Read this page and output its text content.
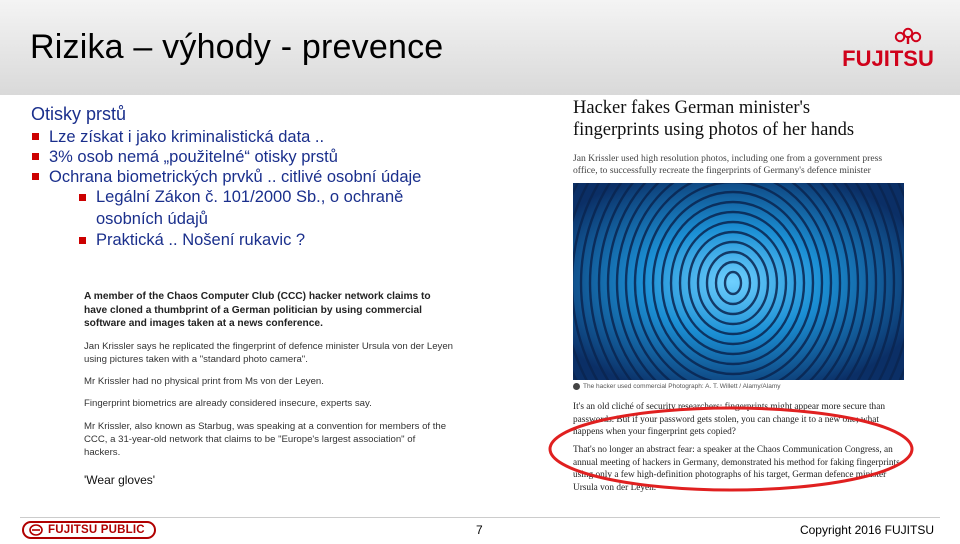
Rizika – výhody - prevence	FUJITSU
Otisky prstů
Lze získat i jako kriminalistická data ..
3% osob nemá „použitelné“ otisky prstů
Ochrana biometrických prvků .. citlivé osobní údaje
Legální Zákon č. 101/2000 Sb., o ochraně
osobních údajů
Praktická .. Nošení rukavic ?
A member of the Chaos Computer Club (CCC) hacker network claims to have cloned a thumbprint of a German politician by using commercial software and images taken at a news conference.
Jan Krissler says he replicated the fingerprint of defence minister Ursula von der Leyen using pictures taken with a "standard photo camera".
Mr Krissler had no physical print from Ms von der Leyen.
Fingerprint biometrics are already considered insecure, experts say.
Mr Krissler, also known as Starbug, was speaking at a convention for members of the CCC, a 31-year-old network that claims to be "Europe's largest association" of hackers.
'Wear gloves'
Hacker fakes German minister's
fingerprints using photos of her hands
Jan Krissler used high resolution photos, including one from a government press office, to successfully recreate the fingerprints of Germany's defence minister
The hacker used commercial Photograph: A. T. Willett / Alamy/Alamy

It's an old cliché of security researchers: fingerprints might appear more secure than passwords. But if your password gets stolen, you can change it to a new one; what happens when your fingerprint gets copied?

That's no longer an abstract fear: a speaker at the Chaos Communication Congress, an annual meeting of hackers in Germany, demonstrated his method for faking fingerprints using only a few high-definition photographs of his target, German defence minister Ursula von der Leyen.

FUJITSU PUBLIC	7	Copyright 2016 FUJITSU
